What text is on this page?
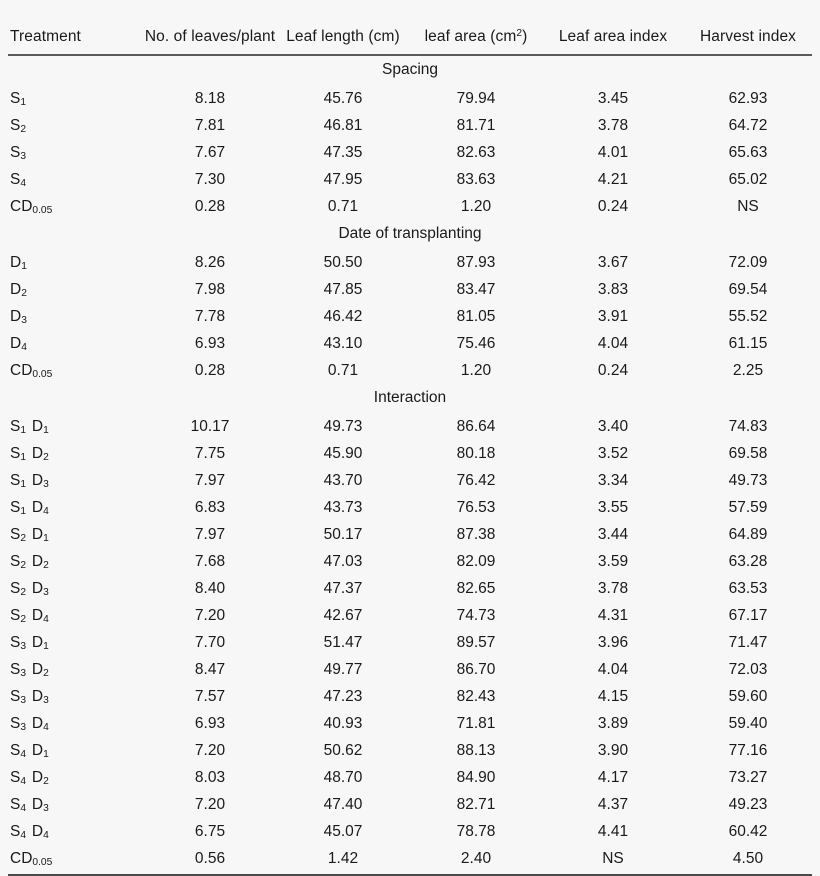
Treatment	No. of leaves/plant	Leaf length (cm)	leaf area $(cm^2)$	Leaf area index	Harvest index
Spacing					
$S_1$	8.18	45.76	79.94	3.45	62.93
$S_2$	7.81	46.81	81.71	3.78	64.72
$S_3$	7.67	47.35	82.63	4.01	65.63
$S_4$	7.30	47.95	83.63	4.21	65.02
$CD_{0.05}$	0.28	0.71	1.20	0.24	NS
Date of transplanting					
$D_1$	8.26	50.50	87.93	3.67	72.09
$D_2$	7.98	47.85	83.47	3.83	69.54
$D_3$	7.78	46.42	81.05	3.91	55.52
$D_4$	6.93	43.10	75.46	4.04	61.15
$CD_{0.05}$	0.28	0.71	1.20	0.24	2.25
Interaction					
$S_1$ $D_1$	10.17	49.73	86.64	3.40	74.83
$S_1$ $D_2$	7.75	45.90	80.18	3.52	69.58
$S_1$ $D_3$	7.97	43.70	76.42	3.34	49.73
$S_1$ $D_4$	6.83	43.73	76.53	3.55	57.59
$S_2$ $D_1$	7.97	50.17	87.38	3.44	64.89
$S_2$ $D_2$	7.68	47.03	82.09	3.59	63.28
$S_2$ $D_3$	8.40	47.37	82.65	3.78	63.53
$S_2$ $D_4$	7.20	42.67	74.73	4.31	67.17
$S_3$ $D_1$	7.70	51.47	89.57	3.96	71.47
$S_3$ $D_2$	8.47	49.77	86.70	4.04	72.03
$S_3$ $D_3$	7.57	47.23	82.43	4.15	59.60
$S_3$ $D_4$	6.93	40.93	71.81	3.89	59.40
$S_4$ $D_1$	7.20	50.62	88.13	3.90	77.16
$S_4$ $D_2$	8.03	48.70	84.90	4.17	73.27
$S_4$ $D_3$	7.20	47.40	82.71	4.37	49.23
$S_4$ $D_4$	6.75	45.07	78.78	4.41	60.42
$CD_{0.05}$	0.56	1.42	2.40	NS	4.50
